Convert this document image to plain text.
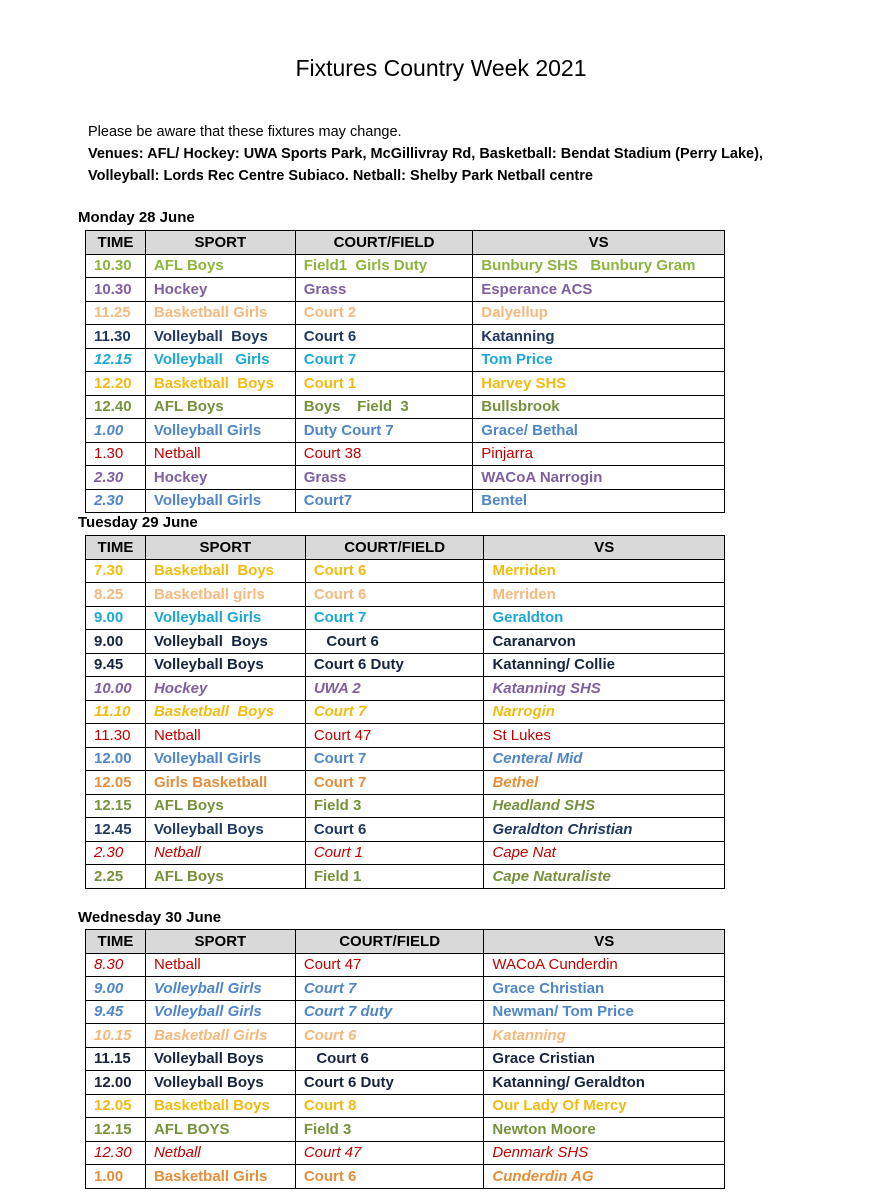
Fixtures Country Week 2021

Please be aware that these fixtures may change.

Venues: AFL/ Hockey: UWA Sports Park, McGillivray Rd, Basketball: Bendat Stadium (Perry Lake),

Volleyball: Lords Rec Centre Subiaco. Netball: Shelby Park Netball centre

Monday 28 June
TIME	SPORT	COURT/FIELD	VS
10.30	AFL Boys	Field1  Girls Duty	Bunbury SHS   Bunbury Gram
10.30	Hockey	Grass	Esperance ACS
11.25	Basketball Girls	Court 2	Dalyellup
11.30	Volleyball  Boys	Court 6	Katanning
12.15	Volleyball   Girls	Court 7	Tom Price
12.20	Basketball  Boys	Court 1	Harvey SHS
12.40	AFL Boys	Boys    Field  3	Bullsbrook
1.00	Volleyball Girls	Duty Court 7	Grace/ Bethal
1.30	Netball	Court 38	Pinjarra
2.30	Hockey	Grass	WACoA Narrogin
2.30	Volleyball Girls	Court7	Bentel
Tuesday 29 June
TIME	SPORT	COURT/FIELD	VS
7.30	Basketball  Boys	Court 6	Merriden
8.25	Basketball girls	Court 6	Merriden
9.00	Volleyball Girls	Court 7	Geraldton
9.00	Volleyball  Boys	Court 6	Caranarvon
9.45	Volleyball Boys	Court 6 Duty	Katanning/ Collie
10.00	Hockey	UWA 2	Katanning SHS
11.10	Basketball  Boys	Court 7	Narrogin
11.30	Netball	Court 47	St Lukes
12.00	Volleyball Girls	Court 7	Centeral Mid
12.05	Girls Basketball	Court 7	Bethel
12.15	AFL Boys	Field 3	Headland SHS
12.45	Volleyball Boys	Court 6	Geraldton Christian
2.30	Netball	Court 1	Cape Nat
2.25	AFL Boys	Field 1	Cape Naturaliste
Wednesday 30 June
TIME	SPORT	COURT/FIELD	VS
8.30	Netball	Court 47	WACoA Cunderdin
9.00	Volleyball Girls	Court 7	Grace Christian
9.45	Volleyball Girls	Court 7 duty	Newman/ Tom Price
10.15	Basketball Girls	Court 6	Katanning
11.15	Volleyball Boys	Court 6	Grace Cristian
12.00	Volleyball Boys	Court 6 Duty	Katanning/ Geraldton
12.05	Basketball Boys	Court 8	Our Lady Of Mercy
12.15	AFL BOYS	Field 3	Newton Moore
12.30	Netball	Court 47	Denmark SHS
1.00	Basketball Girls	Court 6	Cunderdin AG
